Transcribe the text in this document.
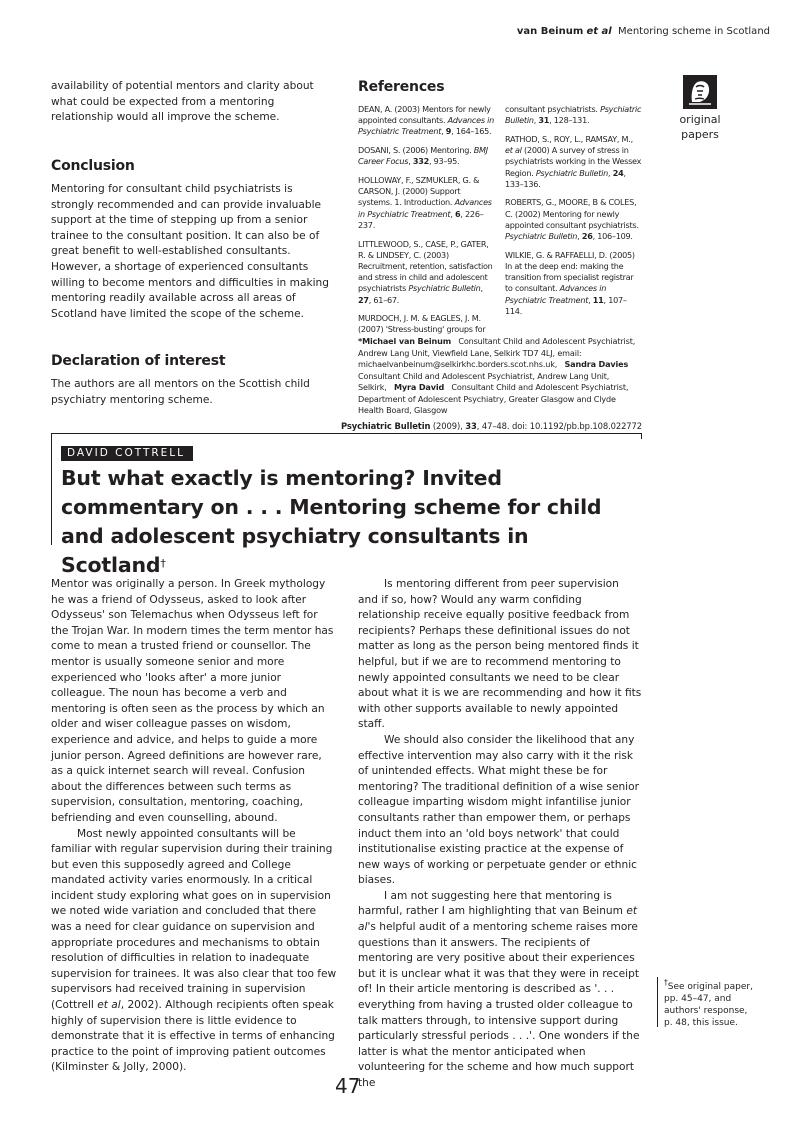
van Beinum et al Mentoring scheme in Scotland

availability of potential mentors and clarity about what could be expected from a mentoring relationship would all improve the scheme.

Conclusion

Mentoring for consultant child psychiatrists is strongly recommended and can provide invaluable support at the time of stepping up from a senior trainee to the consultant position. It can also be of great benefit to well-established consultants. However, a shortage of experienced consultants willing to become mentors and difficulties in making mentoring readily available across all areas of Scotland have limited the scope of the scheme.

Declaration of interest

The authors are all mentors on the Scottish child psychiatry mentoring scheme.

References

DEAN, A. (2003) Mentors for newly appointed consultants. Advances in Psychiatric Treatment, 9, 164–165.

DOSANI, S. (2006) Mentoring. BMJ Career Focus, 332, 93–95.

HOLLOWAY, F., SZMUKLER, G. & CARSON, J. (2000) Support systems. 1. Introduction. Advances in Psychiatric Treatment, 6, 226–237.

LITTLEWOOD, S., CASE, P., GATER, R. & LINDSEY, C. (2003) Recruitment, retention, satisfaction and stress in child and adolescent psychiatrists Psychiatric Bulletin, 27, 61–67.

MURDOCH, J. M. & EAGLES, J. M. (2007) 'Stress-busting' groups for

consultant psychiatrists. Psychiatric Bulletin, 31, 128–131.

RATHOD, S., ROY, L., RAMSAY, M., et al (2000) A survey of stress in psychiatrists working in the Wessex Region. Psychiatric Bulletin, 24, 133–136.

ROBERTS, G., MOORE, B & COLES, C. (2002) Mentoring for newly appointed consultant psychiatrists. Psychiatric Bulletin, 26, 106–109.

WILKIE, G. & RAFFAELLI, D. (2005) In at the deep end: making the transition from specialist registrar to consultant. Advances in Psychiatric Treatment, 11, 107–114.

original
papers
*Michael van Beinum Consultant Child and Adolescent Psychiatrist, Andrew Lang Unit, Viewfield Lane, Selkirk TD7 4LJ, email: michaelvanbeinum@selkirkhc.borders.scot.nhs.uk, Sandra Davies   Consultant Child and Adolescent Psychiatrist, Andrew Lang Unit, Selkirk, Myra David Consultant Child and Adolescent Psychiatrist, Department of Adolescent Psychiatry, Greater Glasgow and Clyde Health Board, Glasgow
Psychiatric Bulletin (2009), 33, 47–48. doi: 10.1192/pb.bp.108.022772
DAVID COTTRELL
But what exactly is mentoring? Invited commentary on . . . Mentoring scheme for child and adolescent psychiatry consultants in Scotland†

Mentor was originally a person. In Greek mythology he was a friend of Odysseus, asked to look after Odysseus' son Telemachus when Odysseus left for the Trojan War. In modern times the term mentor has come to mean a trusted friend or counsellor. The mentor is usually someone senior and more experienced who 'looks after' a more junior colleague. The noun has become a verb and mentoring is often seen as the process by which an older and wiser colleague passes on wisdom, experience and advice, and helps to guide a more junior person. Agreed definitions are however rare, as a quick internet search will reveal. Confusion about the differences between such terms as supervision, consultation, mentoring, coaching, befriending and even counselling, abound.

Most newly appointed consultants will be familiar with regular supervision during their training but even this supposedly agreed and College mandated activity varies enormously. In a critical incident study exploring what goes on in supervision we noted wide variation and concluded that there was a need for clear guidance on supervision and appropriate procedures and mechanisms to obtain resolution of difficulties in relation to inadequate supervision for trainees. It was also clear that too few supervisors had received training in supervision (Cottrell et al, 2002). Although recipients often speak highly of supervision there is little evidence to demonstrate that it is effective in terms of enhancing practice to the point of improving patient outcomes (Kilminster & Jolly, 2000).

Is mentoring different from peer supervision and if so, how? Would any warm confiding relationship receive equally positive feedback from recipients? Perhaps these definitional issues do not matter as long as the person being mentored finds it helpful, but if we are to recommend mentoring to newly appointed consultants we need to be clear about what it is we are recommending and how it fits with other supports available to newly appointed staff.

We should also consider the likelihood that any effective intervention may also carry with it the risk of unintended effects. What might these be for mentoring? The traditional definition of a wise senior colleague imparting wisdom might infantilise junior consultants rather than empower them, or perhaps induct them into an 'old boys network' that could institutionalise existing practice at the expense of new ways of working or perpetuate gender or ethnic biases.

I am not suggesting here that mentoring is harmful, rather I am highlighting that van Beinum et al's helpful audit of a mentoring scheme raises more questions than it answers. The recipients of mentoring are very positive about their experiences but it is unclear what it was that they were in receipt of! In their article mentoring is described as '. . . everything from having a trusted older colleague to talk matters through, to intensive support during particularly stressful periods . . .'. One wonders if the latter is what the mentor anticipated when volunteering for the scheme and how much support the

†See original paper, pp. 45–47, and authors' response, p. 48, this issue.
47
